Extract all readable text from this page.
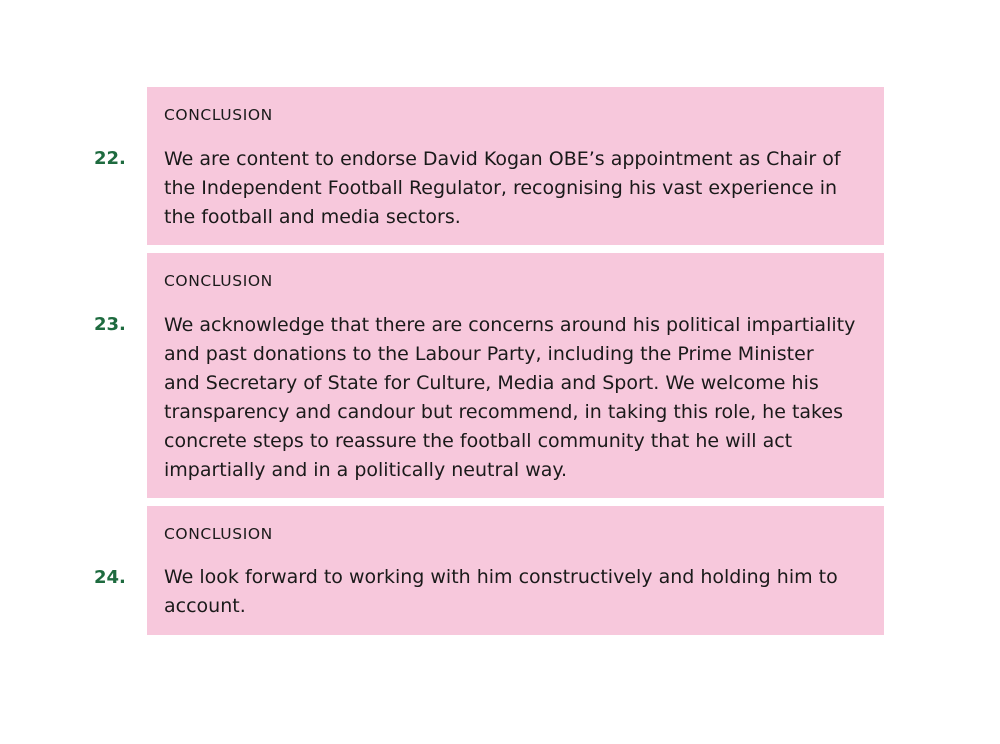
22.
CONCLUSION
We are content to endorse David Kogan OBE’s appointment as Chair of
the Independent Football Regulator, recognising his vast experience in
the football and media sectors.
23.
CONCLUSION
We acknowledge that there are concerns around his political impartiality
and past donations to the Labour Party, including the Prime Minister
and Secretary of State for Culture, Media and Sport. We welcome his
transparency and candour but recommend, in taking this role, he takes
concrete steps to reassure the football community that he will act
impartially and in a politically neutral way.
24.
CONCLUSION
We look forward to working with him constructively and holding him to
account.
